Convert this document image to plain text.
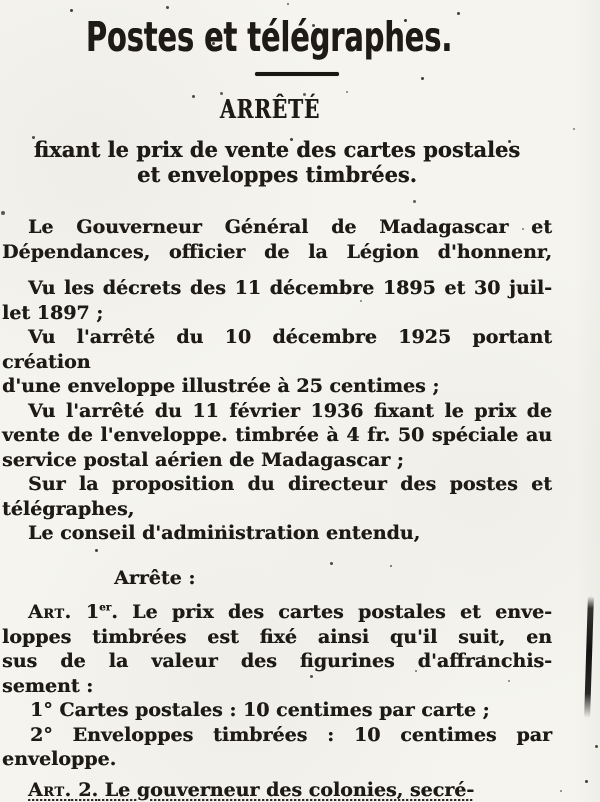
Postes et télégraphes.
ARRÊTÉ

fixant le prix de vente des cartes postales

et enveloppes timbrées.

Le Gouverneur Général de Madagascar et

Dépendances, officier de la Légion d'honnenr,

Vu les décrets des 11 décembre 1895 et 30 juil-

let 1897 ;

Vu l'arrêté du 10 décembre 1925 portant création

d'une enveloppe illustrée à 25 centimes ;

Vu l'arrêté du 11 février 1936 fixant le prix de

vente de l'enveloppe. timbrée à 4 fr. 50 spéciale au

service postal aérien de Madagascar ;

Sur la proposition du directeur des postes et

télégraphes,

Le conseil d'administration entendu,

Arrête :

Art. 1er. Le prix des cartes postales et enve-

loppes timbrées est fixé ainsi qu'il suit, en

sus de la valeur des figurines d'affranchis-

sement :

1° Cartes postales : 10 centimes par carte ;

2° Enveloppes timbrées : 10 centimes par

enveloppe.

Art. 2. Le gouverneur des colonies, secré-
